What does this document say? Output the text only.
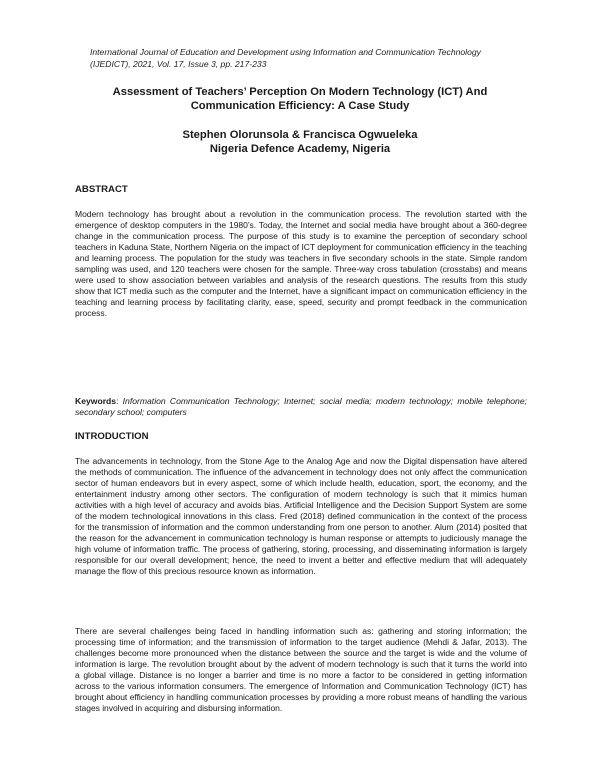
International Journal of Education and Development using Information and Communication Technology
(IJEDICT), 2021, Vol. 17, Issue 3, pp. 217-233
Assessment of Teachers’ Perception On Modern Technology (ICT) And
Communication Efficiency: A Case Study
Stephen Olorunsola & Francisca Ogwueleka
Nigeria Defence Academy, Nigeria
ABSTRACT

Modern technology has brought about a revolution in the communication process. The revolution started with the emergence of desktop computers in the 1980’s. Today, the Internet and social media have brought about a 360-degree change in the communication process. The purpose of this study is to examine the perception of secondary school teachers in Kaduna State, Northern Nigeria on the impact of ICT deployment for communication efficiency in the teaching and learning process. The population for the study was teachers in five secondary schools in the state. Simple random sampling was used, and 120 teachers were chosen for the sample. Three-way cross tabulation (crosstabs) and means were used to show association between variables and analysis of the research questions. The results from this study show that ICT media such as the computer and the Internet, have a significant impact on communication efficiency in the teaching and learning process by facilitating clarity, ease, speed, security and prompt feedback in the communication process.

Keywords: Information Communication Technology; Internet; social media; modern technology; mobile telephone; secondary school; computers
INTRODUCTION

The advancements in technology, from the Stone Age to the Analog Age and now the Digital dispensation have altered the methods of communication. The influence of the advancement in technology does not only affect the communication sector of human endeavors but in every aspect, some of which include health, education, sport, the economy, and the entertainment industry among other sectors. The configuration of modern technology is such that it mimics human activities with a high level of accuracy and avoids bias. Artificial Intelligence and the Decision Support System are some of the modern technological innovations in this class. Fred (2018) defined communication in the context of the process for the transmission of information and the common understanding from one person to another. Alum (2014) posited that the reason for the advancement in communication technology is human response or attempts to judiciously manage the high volume of information traffic. The process of gathering, storing, processing, and disseminating information is largely responsible for our overall development; hence, the need to invent a better and effective medium that will adequately manage the flow of this precious resource known as information.

There are several challenges being faced in handling information such as: gathering and storing information; the processing time of information; and the transmission of information to the target audience (Mehdi & Jafar, 2013). The challenges become more pronounced when the distance between the source and the target is wide and the volume of information is large. The revolution brought about by the advent of modern technology is such that it turns the world into a global village. Distance is no longer a barrier and time is no more a factor to be considered in getting information across to the various information consumers. The emergence of Information and Communication Technology (ICT) has brought about efficiency in handling communication processes by providing a more robust means of handling the various stages involved in acquiring and disbursing information.
